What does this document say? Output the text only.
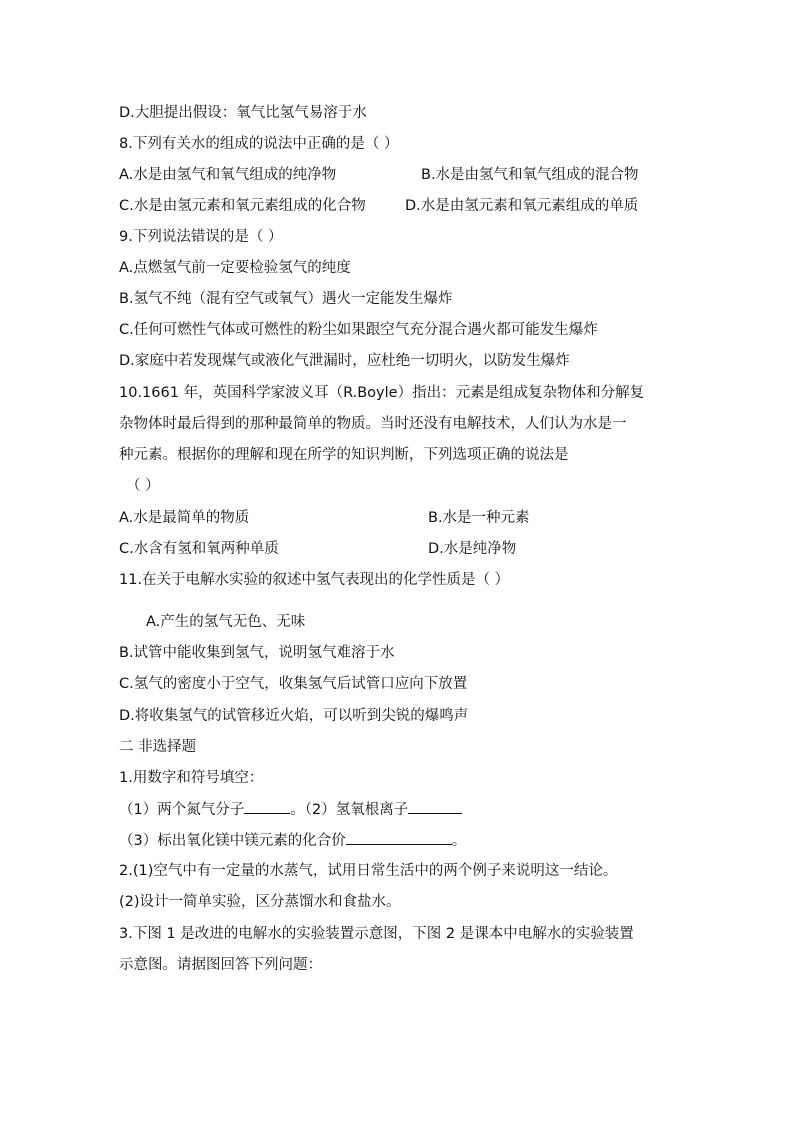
D.大胆提出假设：氧气比氢气易溶于水
8.下列有关水的组成的说法中正确的是（ ）
A.水是由氢气和氧气组成的纯净物	B.水是由氢气和氧气组成的混合物
C.水是由氢元素和氧元素组成的化合物	D.水是由氢元素和氧元素组成的单质
9.下列说法错误的是（ ）
A.点燃氢气前一定要检验氢气的纯度
B.氢气不纯（混有空气或氧气）遇火一定能发生爆炸
C.任何可燃性气体或可燃性的粉尘如果跟空气充分混合遇火都可能发生爆炸
D.家庭中若发现煤气或液化气泄漏时，应杜绝一切明火，以防发生爆炸
10.1661 年，英国科学家波义耳（R.Boyle）指出：元素是组成复杂物体和分解复
杂物体时最后得到的那种最简单的物质。当时还没有电解技术，人们认为水是一
种元素。根据你的理解和现在所学的知识判断，下列选项正确的说法是
（ ）
A.水是最简单的物质	B.水是一种元素
C.水含有氢和氧两种单质	D.水是纯净物
11.在关于电解水实验的叙述中氢气表现出的化学性质是（ ）
A.产生的氢气无色、无味
B.试管中能收集到氢气，说明氢气难溶于水
C.氢气的密度小于空气，收集氢气后试管口应向下放置
D.将收集氢气的试管移近火焰，可以听到尖锐的爆鸣声
二 非选择题
1.用数字和符号填空：
（1）两个氮气分子	。（2）氢氧根离子
（3）标出氧化镁中镁元素的化合价	。
2.(1)空气中有一定量的水蒸气，试用日常生活中的两个例子来说明这一结论。
(2)设计一简单实验，区分蒸馏水和食盐水。
3.下图 1 是改进的电解水的实验装置示意图，下图 2 是课本中电解水的实验装置
示意图。请据图回答下列问题：
